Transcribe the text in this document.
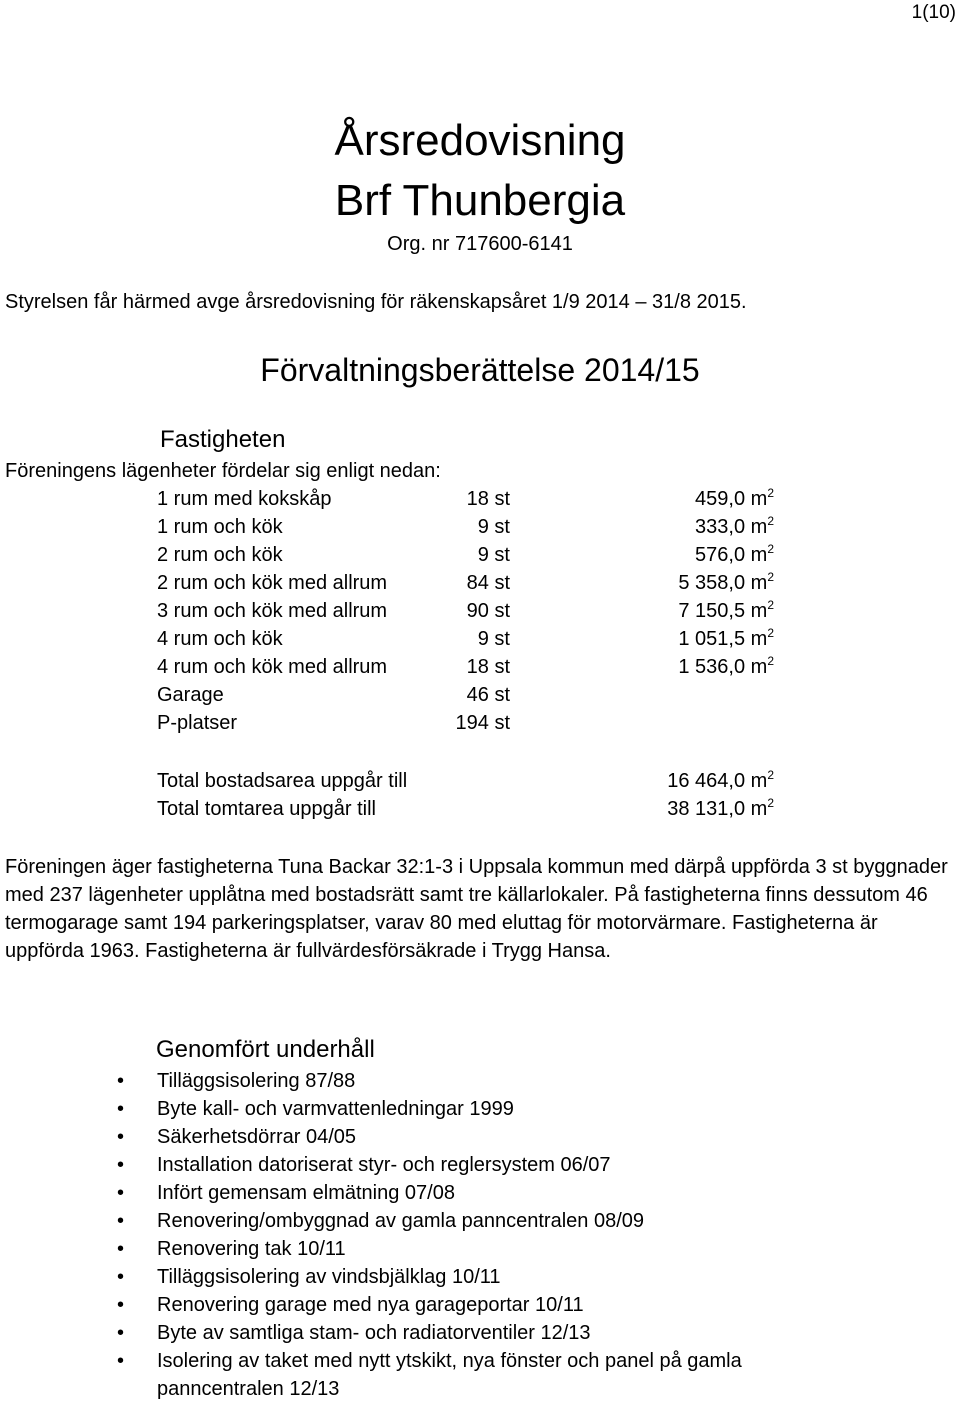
1(10)
Årsredovisning
Brf Thunbergia
Org. nr 717600-6141
Styrelsen får härmed avge årsredovisning för räkenskapsåret 1/9 2014 – 31/8 2015.
Förvaltningsberättelse 2014/15
Fastigheten
Föreningens lägenheter fördelar sig enligt nedan:
1 rum med kokskåp	18 st	459,0 $m^2$
1 rum och kök	9 st	333,0 $m^2$
2 rum och kök	9 st	576,0 $m^2$
2 rum och kök med allrum	84 st	5 358,0 $m^2$
3 rum och kök med allrum	90 st	7 150,5 $m^2$
4 rum och kök	9 st	1 051,5 $m^2$
4 rum och kök med allrum	18 st	1 536,0 $m^2$
Garage	46 st
P-platser	194 st
Total bostadsarea uppgår till	16 464,0 $m^2$
Total tomtarea uppgår till	38 131,0 $m^2$

Föreningen äger fastigheterna Tuna Backar 32:1-3 i Uppsala kommun med därpå uppförda 3 st byggnader med 237 lägenheter upplåtna med bostadsrätt samt tre källarlokaler. På fastigheterna finns dessutom 46 termogarage samt 194 parkeringsplatser, varav 80 med eluttag för motorvärmare. Fastigheterna är uppförda 1963. Fastigheterna är fullvärdesförsäkrade i Trygg Hansa.

Genomfört underhåll
• Tilläggsisolering 87/88
• Byte kall- och varmvattenledningar 1999
• Säkerhetsdörrar 04/05
• Installation datoriserat styr- och reglersystem 06/07
• Infört gemensam elmätning 07/08
• Renovering/ombyggnad av gamla panncentralen 08/09
• Renovering tak 10/11
• Tilläggsisolering av vindsbjälklag 10/11
• Renovering garage med nya garageportar 10/11
• Byte av samtliga stam- och radiatorventiler 12/13
• Isolering av taket med nytt ytskikt, nya fönster och panel på gamla panncentralen 12/13
